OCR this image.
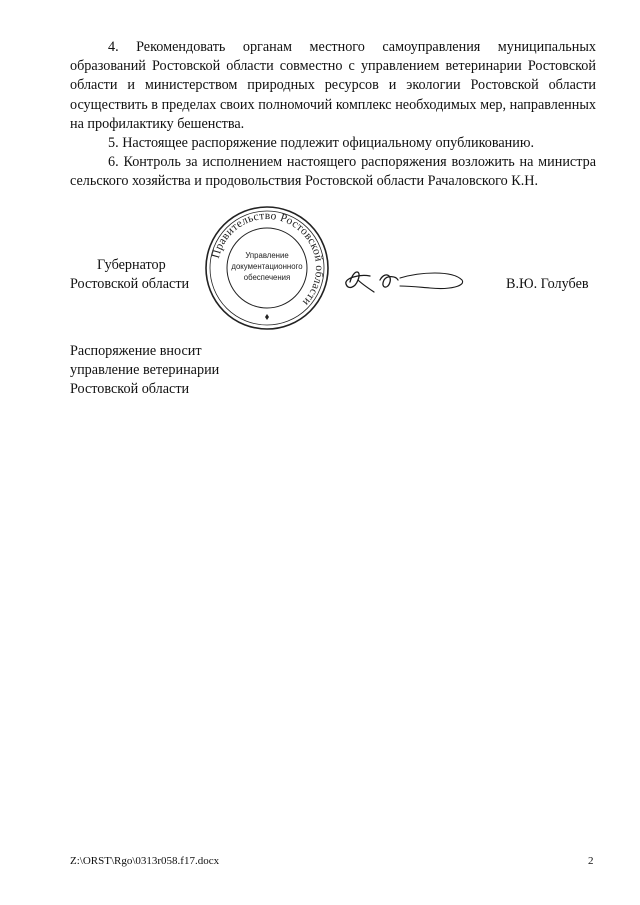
4. Рекомендовать органам местного самоуправления муниципальных образований Ростовской области совместно с управлением ветеринарии Ростовской области и министерством природных ресурсов и экологии Ростовской области осуществить в пределах своих полномочий комплекс необходимых мер, направленных на профилактику бешенства.

5. Настоящее распоряжение подлежит официальному опубликованию.

6. Контроль за исполнением настоящего распоряжения возложить на министра сельского хозяйства и продовольствия Ростовской области Рачаловского К.Н.

Губернатор

Ростовской области	В.Ю. Голубев

Правительство Ростовской области
Управление
документационного
обеспечения

Распоряжение вносит

управление ветеринарии

Ростовской области

Z:\ORST\Rgo\0313r058.f17.docx	2
